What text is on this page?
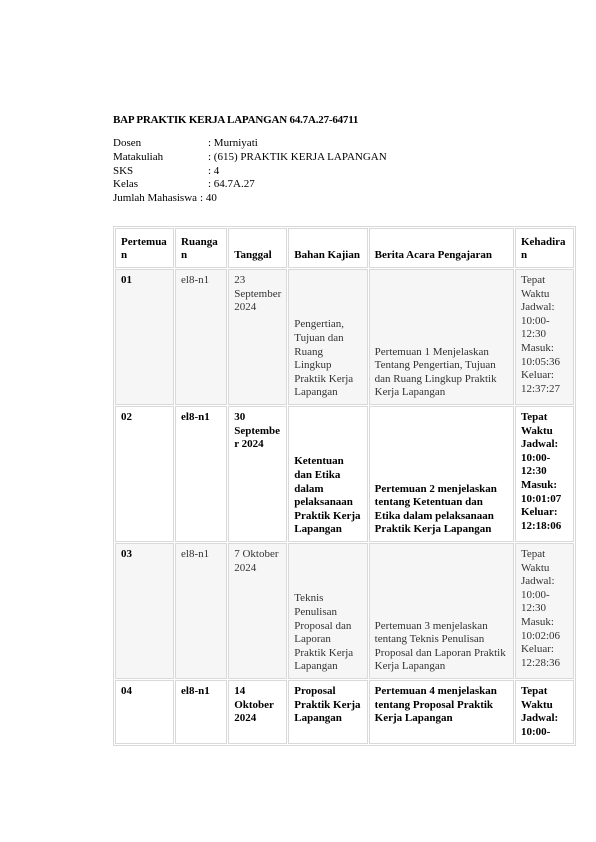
BAP PRAKTIK KERJA LAPANGAN 64.7A.27-64711
Dosen	: Murniyati
Matakuliah	: (615) PRAKTIK KERJA LAPANGAN
SKS	: 4
Kelas	: 64.7A.27
Jumlah Mahasiswa : 40
Pertemuan	Ruangan	Tanggal	Bahan Kajian	Berita Acara Pengajaran	Kehadiran
01	el8-n1	23 September 2024	Pengertian, Tujuan dan Ruang Lingkup Praktik Kerja Lapangan	Pertemuan 1 Menjelaskan Tentang Pengertian, Tujuan dan Ruang Lingkup Praktik Kerja Lapangan	Tepat Waktu Jadwal: 10:00-12:30 Masuk: 10:05:36 Keluar: 12:37:27
02	el8-n1	30 September 2024	Ketentuan dan Etika dalam pelaksanaan Praktik Kerja Lapangan	Pertemuan 2 menjelaskan tentang Ketentuan dan Etika dalam pelaksanaan Praktik Kerja Lapangan	Tepat Waktu Jadwal: 10:00-12:30 Masuk: 10:01:07 Keluar: 12:18:06
03	el8-n1	7 Oktober 2024	Teknis Penulisan Proposal dan Laporan Praktik Kerja Lapangan	Pertemuan 3 menjelaskan tentang Teknis Penulisan Proposal dan Laporan Praktik Kerja Lapangan	Tepat Waktu Jadwal: 10:00-12:30 Masuk: 10:02:06 Keluar: 12:28:36
04	el8-n1	14 Oktober 2024	Proposal Praktik Kerja Lapangan	Pertemuan 4 menjelaskan tentang Proposal Praktik Kerja Lapangan	Tepat Waktu Jadwal: 10:00-
